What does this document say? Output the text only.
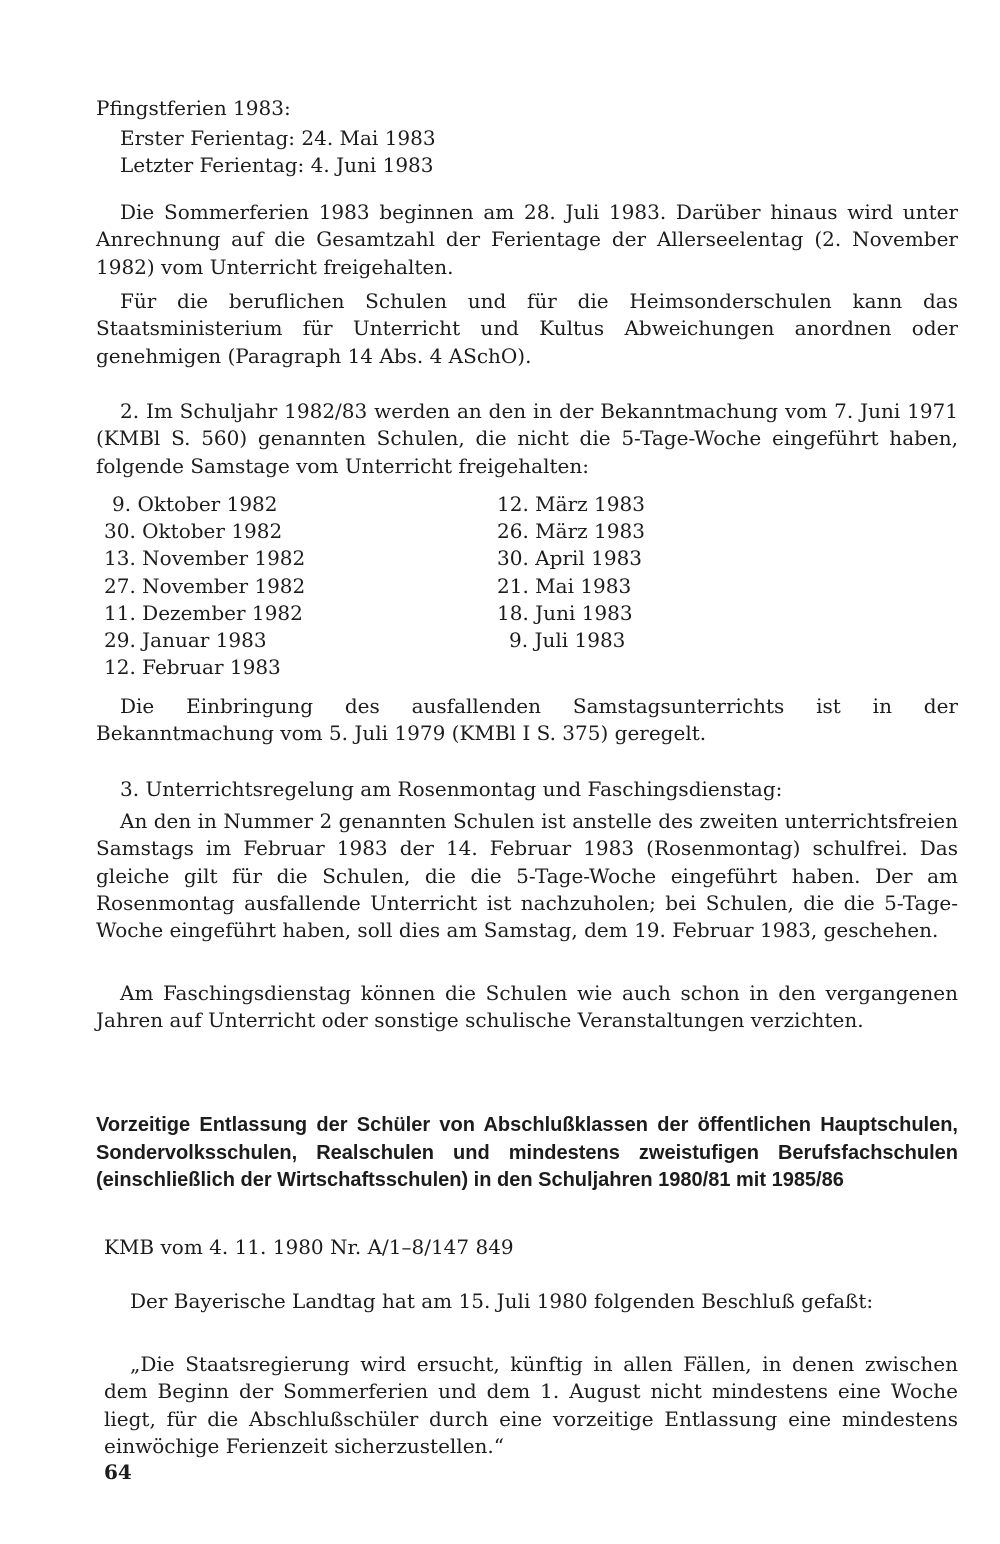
Pfingstferien 1983:
Erster Ferientag: 24. Mai 1983
Letzter Ferientag: 4. Juni 1983

Die Sommerferien 1983 beginnen am 28. Juli 1983. Darüber hinaus wird unter Anrechnung auf die Gesamtzahl der Ferientage der Allerseelentag (2. November 1982) vom Unterricht freigehalten.

Für die beruflichen Schulen und für die Heimsonderschulen kann das Staatsministerium für Unterricht und Kultus Abweichungen anordnen oder genehmigen (Paragraph 14 Abs. 4 ASchO).

2. Im Schuljahr 1982/83 werden an den in der Bekanntmachung vom 7. Juni 1971 (KMBl S. 560) genannten Schulen, die nicht die 5-Tage-Woche eingeführt haben, folgende Samstage vom Unterricht freigehalten:

9. Oktober 1982
30. Oktober 1982
13. November 1982
27. November 1982
11. Dezember 1982
29. Januar 1983
12. Februar 1983
12. März 1983
26. März 1983
30. April 1983
21. Mai 1983
18. Juni 1983
9. Juli 1983

Die Einbringung des ausfallenden Samstagsunterrichts ist in der Bekanntmachung vom 5. Juli 1979 (KMBl I S. 375) geregelt.

3. Unterrichtsregelung am Rosenmontag und Faschingsdienstag:

An den in Nummer 2 genannten Schulen ist anstelle des zweiten unterrichtsfreien Samstags im Februar 1983 der 14. Februar 1983 (Rosenmontag) schulfrei. Das gleiche gilt für die Schulen, die die 5-Tage-Woche eingeführt haben. Der am Rosenmontag ausfallende Unterricht ist nachzuholen; bei Schulen, die die 5-Tage-Woche eingeführt haben, soll dies am Samstag, dem 19. Februar 1983, geschehen.

Am Faschingsdienstag können die Schulen wie auch schon in den vergangenen Jahren auf Unterricht oder sonstige schulische Veranstaltungen verzichten.

Vorzeitige Entlassung der Schüler von Abschlußklassen der öffentlichen Hauptschulen, Sondervolksschulen, Realschulen und mindestens zweistufigen Berufsfachschulen (einschließlich der Wirtschaftsschulen) in den Schuljahren 1980/81 mit 1985/86

KMB vom 4. 11. 1980 Nr. A/1–8/147 849

Der Bayerische Landtag hat am 15. Juli 1980 folgenden Beschluß gefaßt:

„Die Staatsregierung wird ersucht, künftig in allen Fällen, in denen zwischen dem Beginn der Sommerferien und dem 1. August nicht mindestens eine Woche liegt, für die Abschlußschüler durch eine vorzeitige Entlassung eine mindestens einwöchige Ferienzeit sicherzustellen.“

64
